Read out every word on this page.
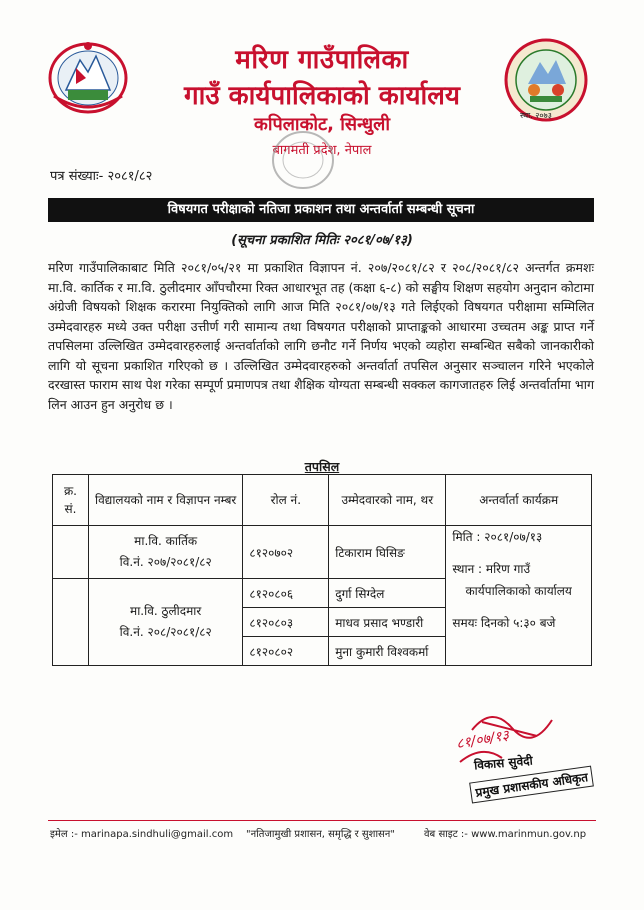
स्था. २०७३
मरिण गाउँपालिका
गाउँ कार्यपालिकाको कार्यालय
कपिलाकोट, सिन्धुली
बागमती प्रदेश, नेपाल
पत्र संख्याः- २०८१/८२
विषयगत परीक्षाको नतिजा प्रकाशन तथा अन्तर्वार्ता सम्बन्धी सूचना
(सूचना प्रकाशित मितिः २०८१/०७/१३)
मरिण गाउँपालिकाबाट मिति २०८१/०५/२१ मा प्रकाशित विज्ञापन नं. २०७/२०८१/८२ र २०८/२०८१/८२ अन्तर्गत क्रमशः मा.वि. कार्तिक र मा.वि. ठुलीदमार आँपचौरमा रिक्त आधारभूत तह (कक्षा ६-८) को सङ्घीय शिक्षण सहयोग अनुदान कोटामा अंग्रेजी विषयको शिक्षक करारमा नियुक्तिको लागि आज मिति २०८१/०७/१३ गते लिईएको विषयगत परीक्षामा सम्मिलित उम्मेदवारहरु मध्ये उक्त परीक्षा उत्तीर्ण गरी सामान्य तथा विषयगत परीक्षाको प्राप्ताङ्कको आधारमा उच्चतम अङ्क प्राप्त गर्ने तपसिलमा उल्लिखित उम्मेदवारहरुलाई अन्तर्वार्ताको लागि छनौट गर्ने निर्णय भएको व्यहोरा सम्बन्धित सबैको जानकारीको लागि यो सूचना प्रकाशित गरिएको छ । उल्लिखित उम्मेदवारहरुको अन्तर्वार्ता तपसिल अनुसार सञ्चालन गरिने भएकोले दरखास्त फाराम साथ पेश गरेका सम्पूर्ण प्रमाणपत्र तथा शैक्षिक योग्यता सम्बन्धी सक्कल कागजातहरु लिई अन्तर्वार्तामा भाग लिन आउन हुन अनुरोध छ ।
तपसिल
क्र. सं.	विद्यालयको नाम र विज्ञापन नम्बर	रोल नं.	उम्मेदवारको नाम, थर	अन्तर्वार्ता कार्यक्रम

	मा.वि. कार्तिक
वि.नं. २०७/२०८१/८२	८१२०७०२	टिकाराम घिसिङ	मिति : २०८१/०७/१३
स्थान : मरिण गाउँ
कार्यपालिकाको कार्यालय
समयः दिनको ५:३० बजे

	मा.वि. ठुलीदमार
वि.नं. २०८/२०८१/८२	८१२०८०६	दुर्गा सिग्देल	
		८१२०८०३	माधव प्रसाद भण्डारी	
		८१२०८०२	मुना कुमारी विश्वकर्मा	
८१/०७/१३
विकास सुवेदी
प्रमुख प्रशासकीय अधिकृत
इमेल :- marinapa.sindhuli@gmail.com "नतिजामुखी प्रशासन, समृद्धि र सुशासन"	वेब साइट :- www.marinmun.gov.np
